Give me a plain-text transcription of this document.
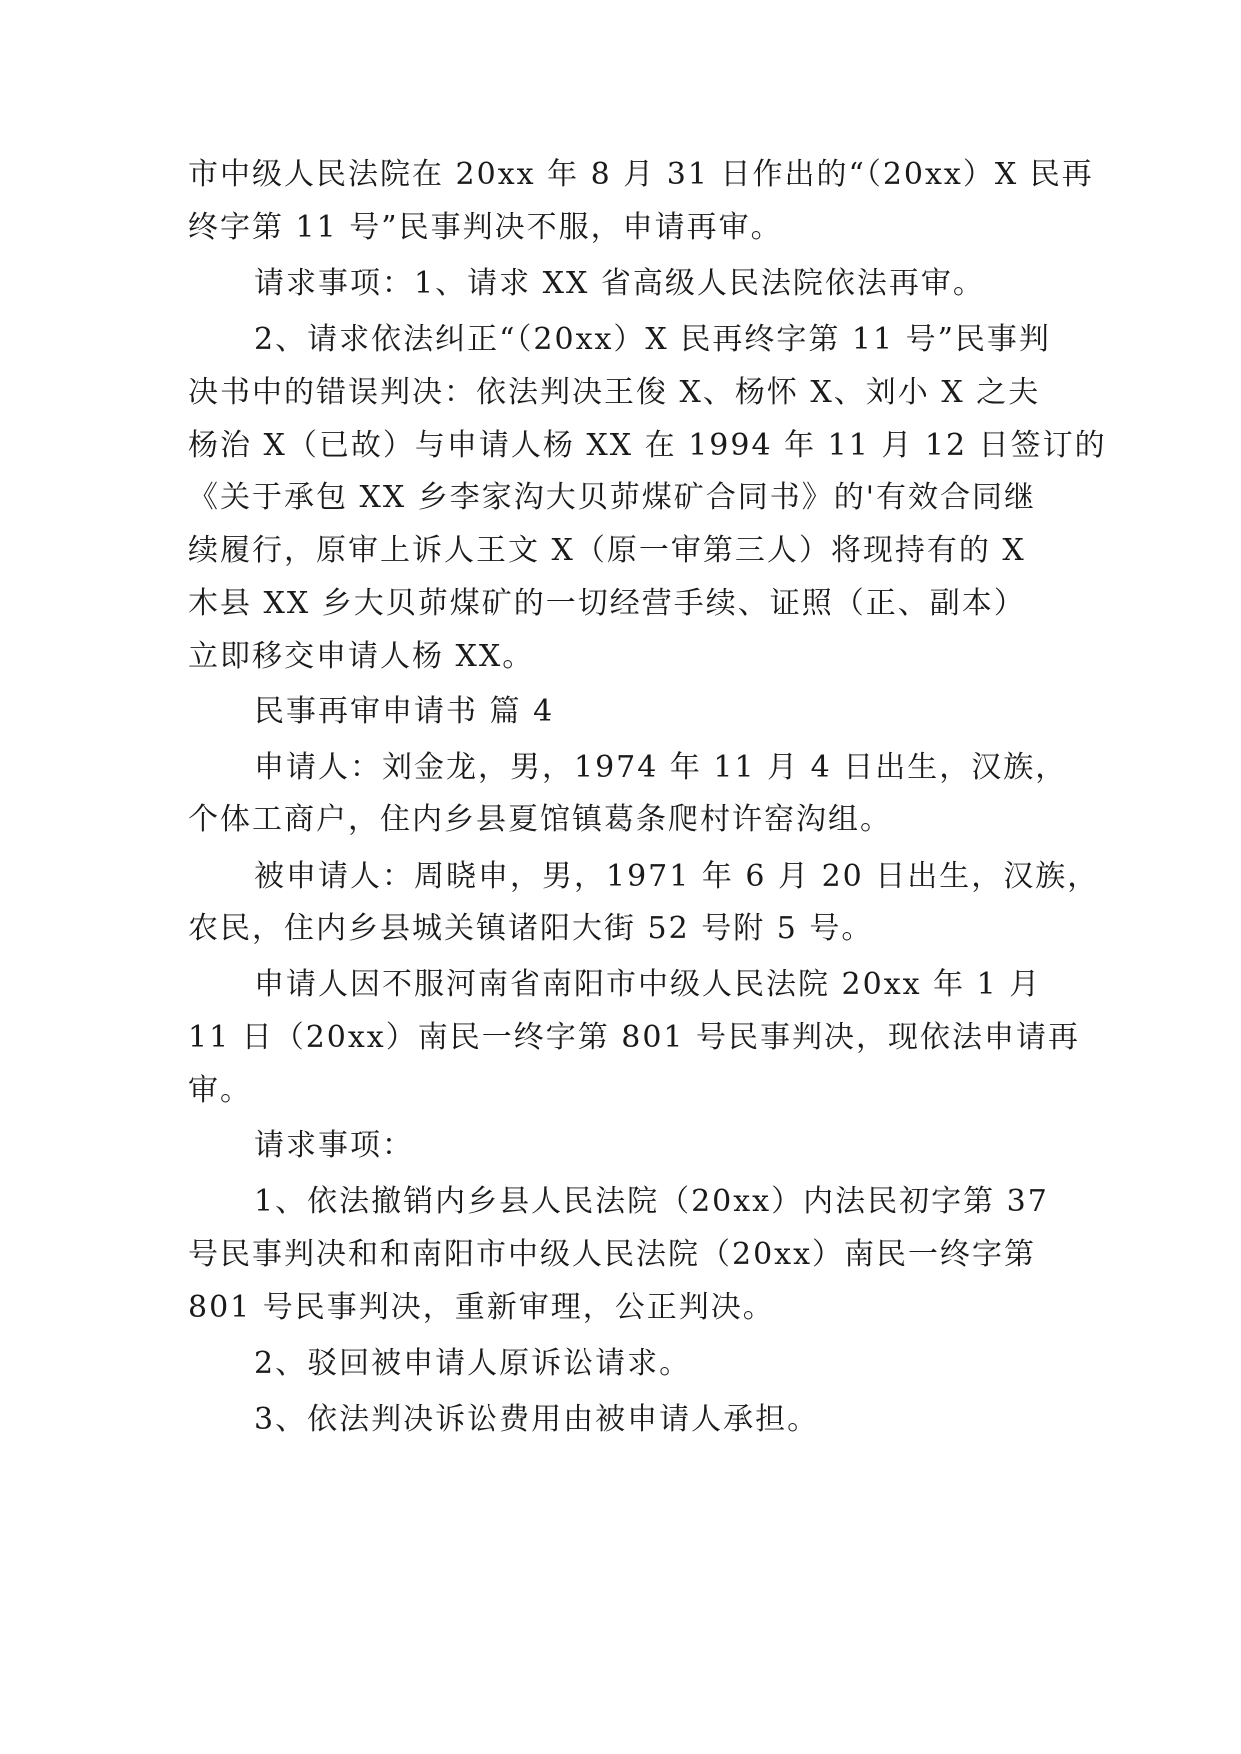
市中级人民法院在 20xx 年 8 月 31 日作出的“（20xx）X 民再
终字第 11 号”民事判决不服，申请再审。
请求事项：1、请求 XX 省高级人民法院依法再审。
2、请求依法纠正“（20xx）X 民再终字第 11 号”民事判
决书中的错误判决：依法判决王俊 X、杨怀 X、刘小 X 之夫
杨治 X（已故）与申请人杨 XX 在 1994 年 11 月 12 日签订的
《关于承包 XX 乡李家沟大贝茆煤矿合同书》的'有效合同继
续履行，原审上诉人王文 X（原一审第三人）将现持有的 X
木县 XX 乡大贝茆煤矿的一切经营手续、证照（正、副本）
立即移交申请人杨 XX。
民事再审申请书 篇 4
申请人：刘金龙，男，1974 年 11 月 4 日出生，汉族，
个体工商户，住内乡县夏馆镇葛条爬村许窑沟组。
被申请人：周晓申，男，1971 年 6 月 20 日出生，汉族，
农民，住内乡县城关镇诸阳大街 52 号附 5 号。
申请人因不服河南省南阳市中级人民法院 20xx 年 1 月
11 日（20xx）南民一终字第 801 号民事判决，现依法申请再
审。
请求事项：
1、依法撤销内乡县人民法院（20xx）内法民初字第 37
号民事判决和和南阳市中级人民法院（20xx）南民一终字第
801 号民事判决，重新审理，公正判决。
2、驳回被申请人原诉讼请求。
3、依法判决诉讼费用由被申请人承担。
